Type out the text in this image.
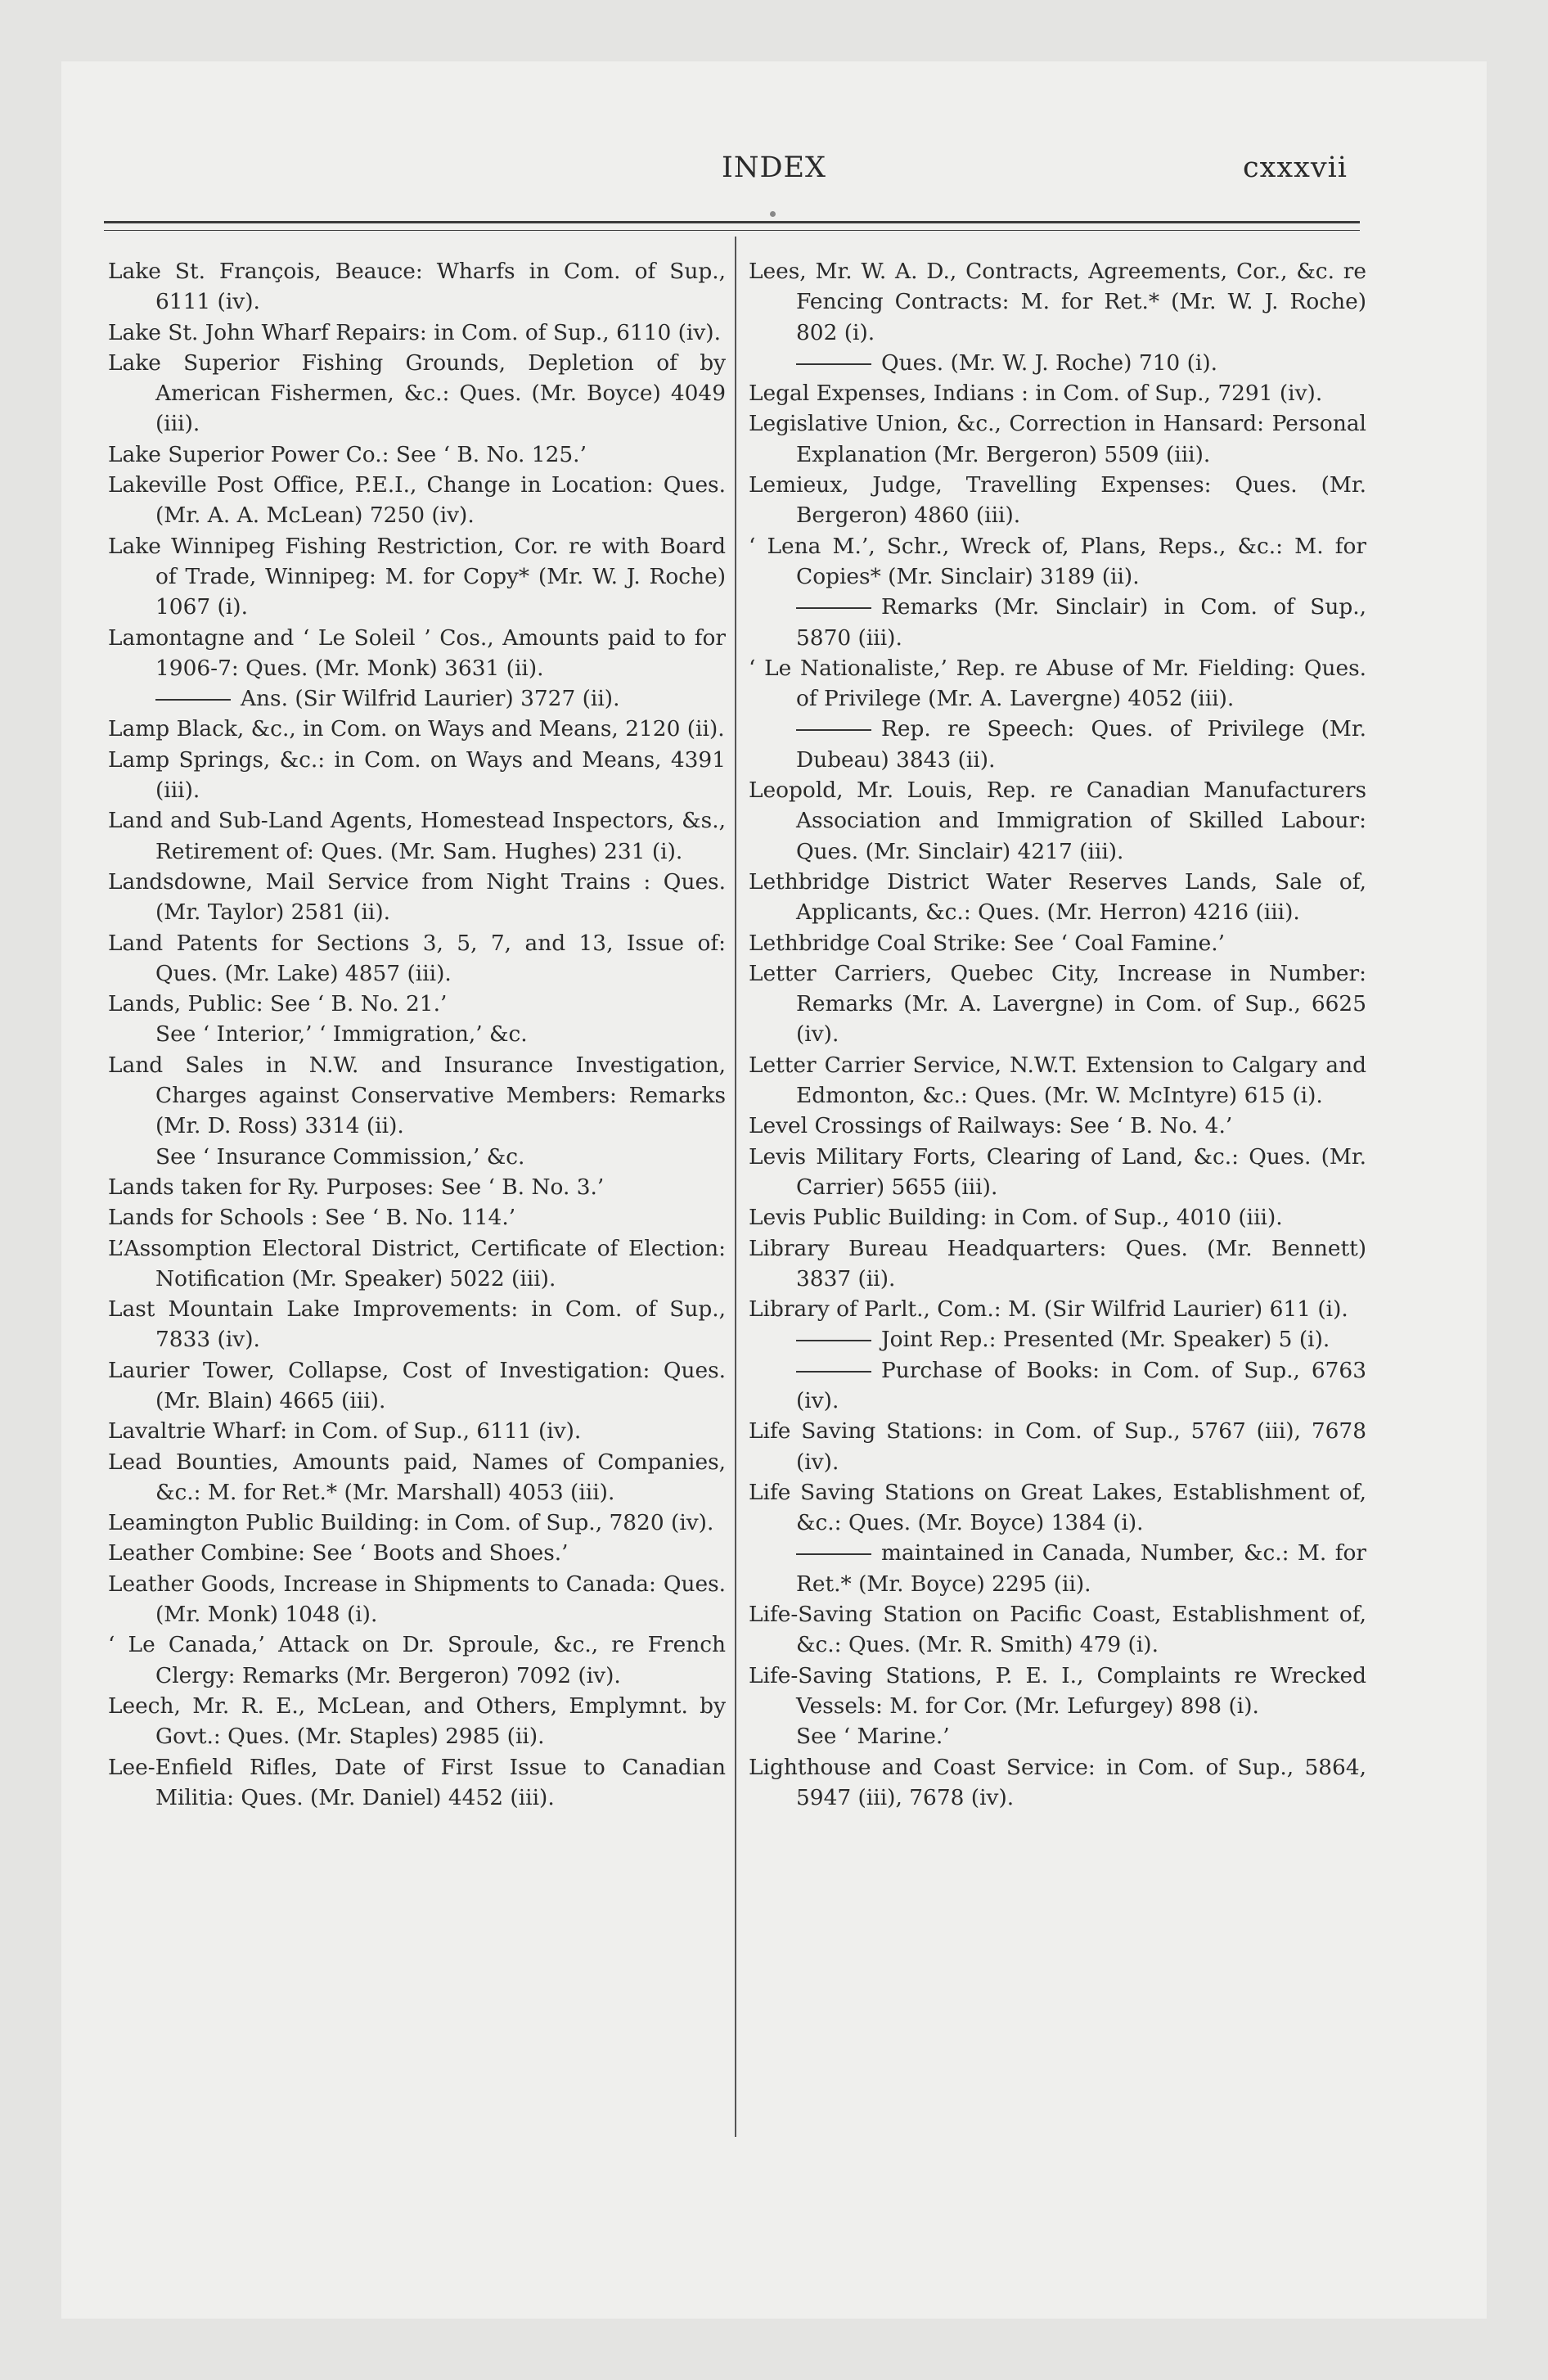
INDEX	cxxxvii

Lake St. François, Beauce: Wharfs in Com. of Sup., 6111 (iv).

Lake St. John Wharf Repairs: in Com. of Sup., 6110 (iv).

Lake Superior Fishing Grounds, Depletion of by American Fishermen, &c.: Ques. (Mr. Boyce) 4049 (iii).

Lake Superior Power Co.: See ‘ B. No. 125.’

Lakeville Post Office, P.E.I., Change in Location: Ques. (Mr. A. A. McLean) 7250 (iv).

Lake Winnipeg Fishing Restriction, Cor. re with Board of Trade, Winnipeg: M. for Copy* (Mr. W. J. Roche) 1067 (i).

Lamontagne and ‘ Le Soleil ’ Cos., Amounts paid to for 1906-7: Ques. (Mr. Monk) 3631 (ii).

Ans. (Sir Wilfrid Laurier) 3727 (ii).

Lamp Black, &c., in Com. on Ways and Means, 2120 (ii).

Lamp Springs, &c.: in Com. on Ways and Means, 4391 (iii).

Land and Sub-Land Agents, Homestead Inspectors, &s., Retirement of: Ques. (Mr. Sam. Hughes) 231 (i).

Landsdowne, Mail Service from Night Trains : Ques. (Mr. Taylor) 2581 (ii).

Land Patents for Sections 3, 5, 7, and 13, Issue of: Ques. (Mr. Lake) 4857 (iii).

Lands, Public: See ‘ B. No. 21.’

See ‘ Interior,’ ‘ Immigration,’ &c.

Land Sales in N.W. and Insurance Investigation, Charges against Conservative Members: Remarks (Mr. D. Ross) 3314 (ii).

See ‘ Insurance Commission,’ &c.

Lands taken for Ry. Purposes: See ‘ B. No. 3.’

Lands for Schools : See ‘ B. No. 114.’

L’Assomption Electoral District, Certificate of Election: Notification (Mr. Speaker) 5022 (iii).

Last Mountain Lake Improvements: in Com. of Sup., 7833 (iv).

Laurier Tower, Collapse, Cost of Investigation: Ques. (Mr. Blain) 4665 (iii).

Lavaltrie Wharf: in Com. of Sup., 6111 (iv).

Lead Bounties, Amounts paid, Names of Companies, &c.: M. for Ret.* (Mr. Marshall) 4053 (iii).

Leamington Public Building: in Com. of Sup., 7820 (iv).

Leather Combine: See ‘ Boots and Shoes.’

Leather Goods, Increase in Shipments to Canada: Ques. (Mr. Monk) 1048 (i).

‘ Le Canada,’ Attack on Dr. Sproule, &c., re French Clergy: Remarks (Mr. Bergeron) 7092 (iv).

Leech, Mr. R. E., McLean, and Others, Emplymnt. by Govt.: Ques. (Mr. Staples) 2985 (ii).

Lee-Enfield Rifles, Date of First Issue to Canadian Militia: Ques. (Mr. Daniel) 4452 (iii).

Lees, Mr. W. A. D., Contracts, Agreements, Cor., &c. re Fencing Contracts: M. for Ret.* (Mr. W. J. Roche) 802 (i).

Ques. (Mr. W. J. Roche) 710 (i).

Legal Expenses, Indians : in Com. of Sup., 7291 (iv).

Legislative Union, &c., Correction in Hansard: Personal Explanation (Mr. Bergeron) 5509 (iii).

Lemieux, Judge, Travelling Expenses: Ques. (Mr. Bergeron) 4860 (iii).

‘ Lena M.’, Schr., Wreck of, Plans, Reps., &c.: M. for Copies* (Mr. Sinclair) 3189 (ii).

Remarks (Mr. Sinclair) in Com. of Sup., 5870 (iii).

‘ Le Nationaliste,’ Rep. re Abuse of Mr. Fielding: Ques. of Privilege (Mr. A. Lavergne) 4052 (iii).

Rep. re Speech: Ques. of Privilege (Mr. Dubeau) 3843 (ii).

Leopold, Mr. Louis, Rep. re Canadian Manufacturers Association and Immigration of Skilled Labour: Ques. (Mr. Sinclair) 4217 (iii).

Lethbridge District Water Reserves Lands, Sale of, Applicants, &c.: Ques. (Mr. Herron) 4216 (iii).

Lethbridge Coal Strike: See ‘ Coal Famine.’

Letter Carriers, Quebec City, Increase in Number: Remarks (Mr. A. Lavergne) in Com. of Sup., 6625 (iv).

Letter Carrier Service, N.W.T. Extension to Calgary and Edmonton, &c.: Ques. (Mr. W. McIntyre) 615 (i).

Level Crossings of Railways: See ‘ B. No. 4.’

Levis Military Forts, Clearing of Land, &c.: Ques. (Mr. Carrier) 5655 (iii).

Levis Public Building: in Com. of Sup., 4010 (iii).

Library Bureau Headquarters: Ques. (Mr. Bennett) 3837 (ii).

Library of Parlt., Com.: M. (Sir Wilfrid Laurier) 611 (i).

Joint Rep.: Presented (Mr. Speaker) 5 (i).

Purchase of Books: in Com. of Sup., 6763 (iv).

Life Saving Stations: in Com. of Sup., 5767 (iii), 7678 (iv).

Life Saving Stations on Great Lakes, Establishment of, &c.: Ques. (Mr. Boyce) 1384 (i).

maintained in Canada, Number, &c.: M. for Ret.* (Mr. Boyce) 2295 (ii).

Life-Saving Station on Pacific Coast, Establishment of, &c.: Ques. (Mr. R. Smith) 479 (i).

Life-Saving Stations, P. E. I., Complaints re Wrecked Vessels: M. for Cor. (Mr. Lefurgey) 898 (i).

See ‘ Marine.’

Lighthouse and Coast Service: in Com. of Sup., 5864, 5947 (iii), 7678 (iv).
